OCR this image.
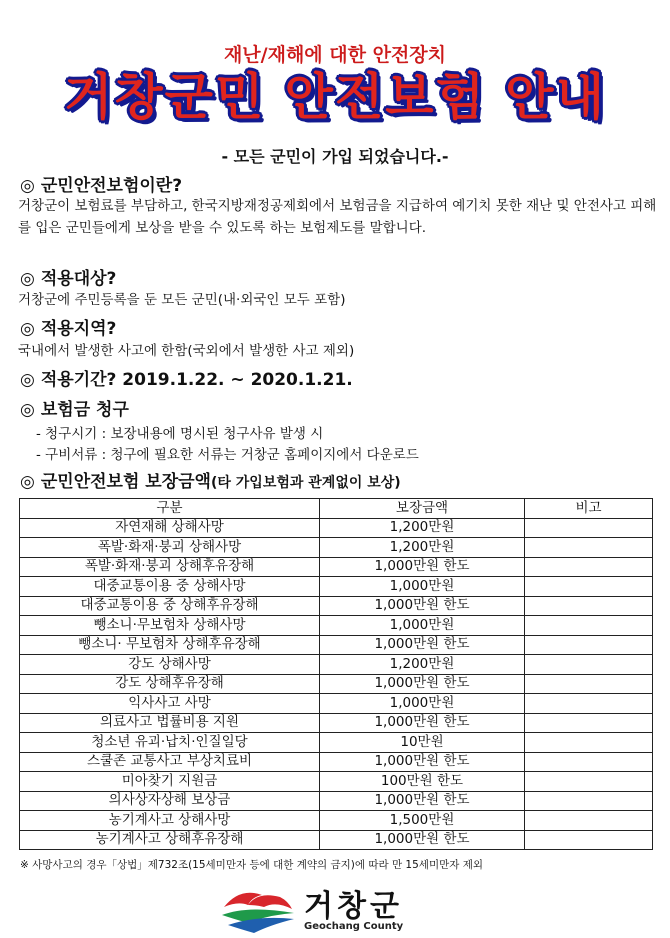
재난/재해에 대한 안전장치
거창군민 안전보험 안내
- 모든 군민이 가입 되었습니다.-
◎ 군민안전보험이란?
거창군이 보험료를 부담하고, 한국지방재정공제회에서 보험금을 지급하여 예기치 못한 재난 및 안전사고 피해를 입은 군민들에게 보상을 받을 수 있도록 하는 보험제도를 말합니다.
◎ 적용대상?
거창군에 주민등록을 둔 모든 군민(내·외국인 모두 포함)
◎ 적용지역?
국내에서 발생한 사고에 한함(국외에서 발생한 사고 제외)
◎ 적용기간? 2019.1.22. ~ 2020.1.21.
◎ 보험금 청구
- 청구시기 : 보장내용에 명시된 청구사유 발생 시
- 구비서류 : 청구에 필요한 서류는 거창군 홈페이지에서 다운로드
◎ 군민안전보험 보장금액(타 가입보험과 관계없이 보상)
구분	보장금액	비고
자연재해 상해사망	1,200만원	
폭발·화재·붕괴 상해사망	1,200만원	
폭발·화재·붕괴 상해후유장해	1,000만원 한도	
대중교통이용 중 상해사망	1,000만원	
대중교통이용 중 상해후유장해	1,000만원 한도	
뺑소니·무보험차 상해사망	1,000만원	
뺑소니· 무보험차 상해후유장해	1,000만원 한도	
강도 상해사망	1,200만원	
강도 상해후유장해	1,000만원 한도	
익사사고 사망	1,000만원	
의료사고 법률비용 지원	1,000만원 한도	
청소년 유괴·납치·인질일당	10만원	
스쿨존 교통사고 부상치료비	1,000만원 한도	
미아찾기 지원금	100만원 한도	
의사상자상해 보상금	1,000만원 한도	
농기계사고 상해사망	1,500만원	
농기계사고 상해후유장해	1,000만원 한도	
※ 사망사고의 경우「상법」제732조(15세미만자 등에 대한 계약의 금지)에 따라 만 15세미만자 제외
거창군
Geochang County
